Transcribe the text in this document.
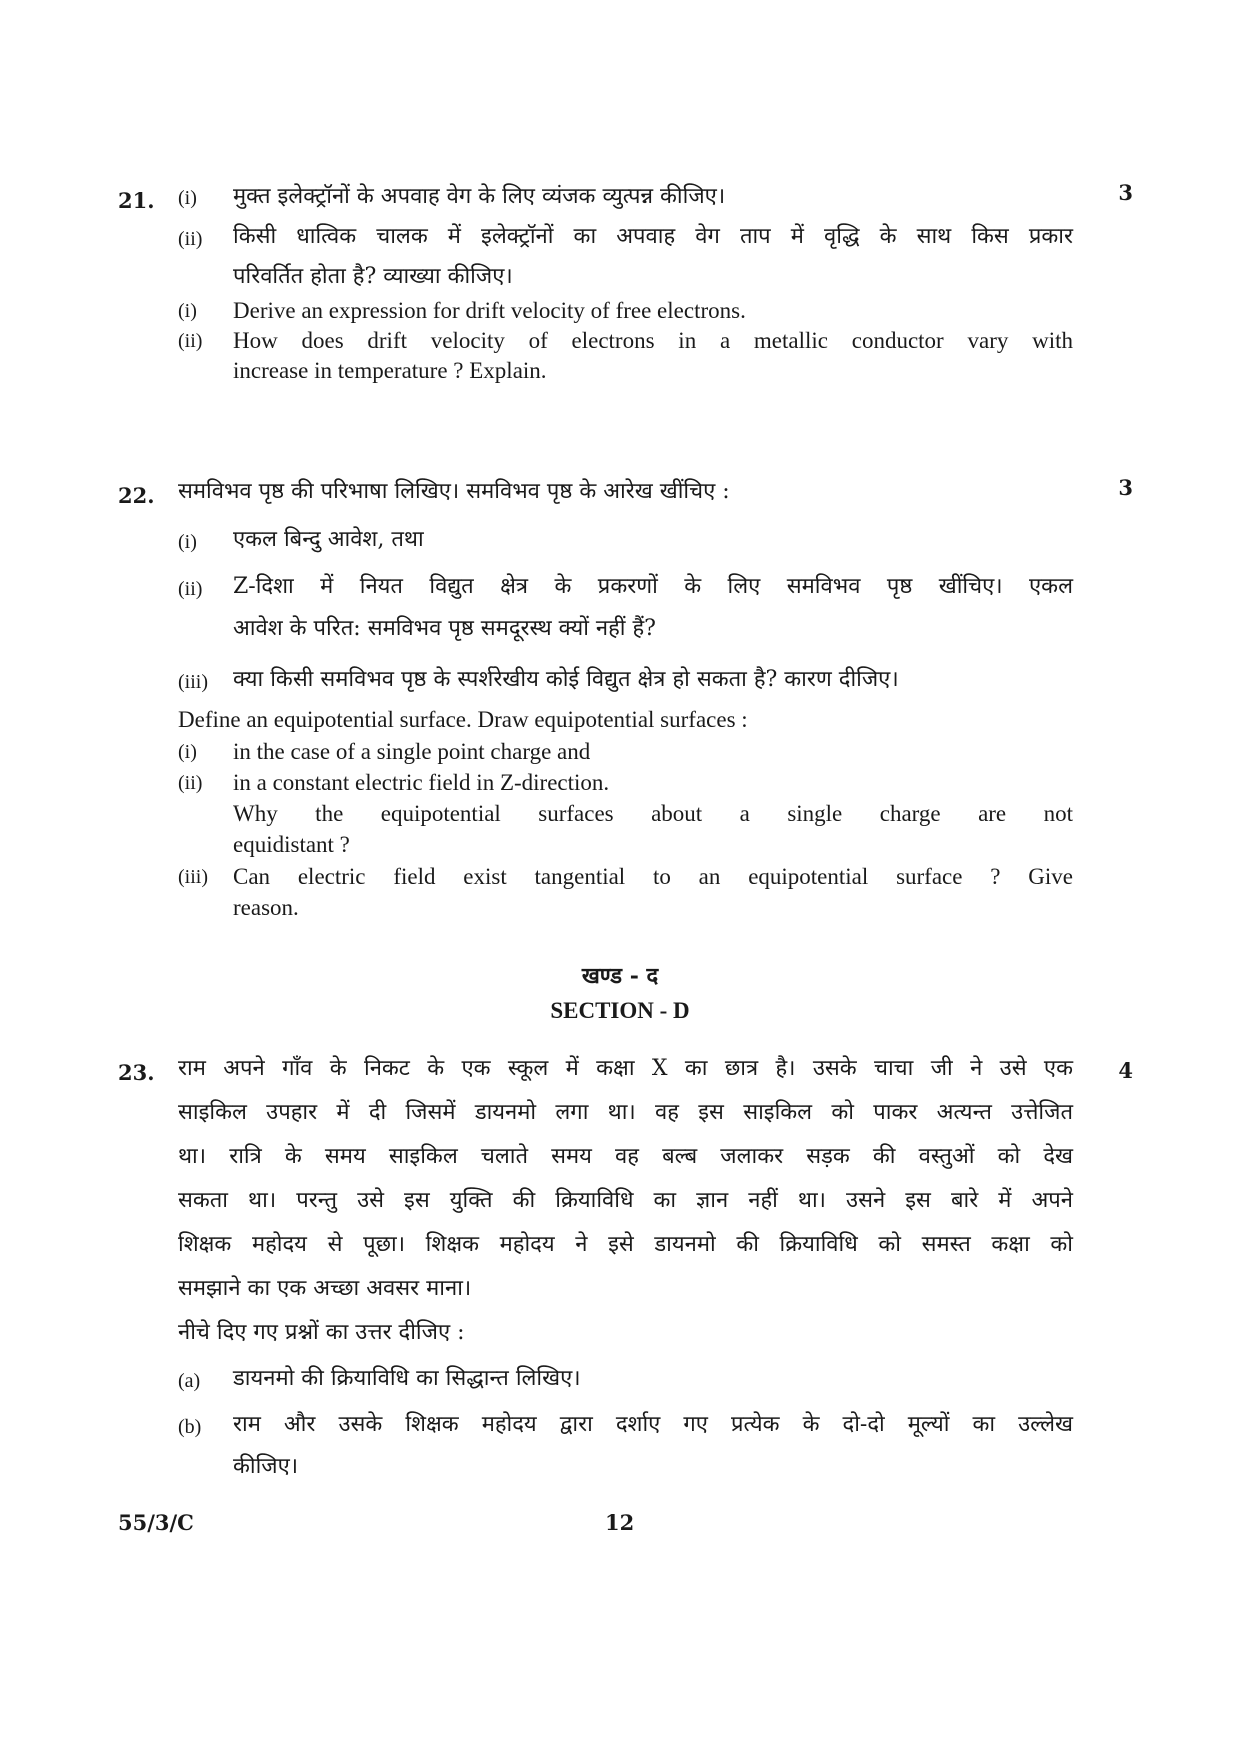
21.	3
(i)	मुक्त इलेक्ट्रॉनों के अपवाह वेग के लिए व्यंजक व्युत्पन्न कीजिए।
(ii)	किसी धात्विक चालक में इलेक्ट्रॉनों का अपवाह वेग ताप में वृद्धि के साथ किस प्रकार
परिवर्तित होता है? व्याख्या कीजिए।
(i)	Derive an expression for drift velocity of free electrons.
(ii)	How does drift velocity of electrons in a metallic conductor vary with
increase in temperature ? Explain.
22.	3
समविभव पृष्ठ की परिभाषा लिखिए। समविभव पृष्ठ के आरेख खींचिए :
(i)	एकल बिन्दु आवेश, तथा
(ii)	Z-दिशा में नियत विद्युत क्षेत्र के प्रकरणों के लिए समविभव पृष्ठ खींचिए। एकल
आवेश के परित: समविभव पृष्ठ समदूरस्थ क्यों नहीं हैं?
(iii)	क्या किसी समविभव पृष्ठ के स्पर्शरेखीय कोई विद्युत क्षेत्र हो सकता है? कारण दीजिए।
Define an equipotential surface. Draw equipotential surfaces :
(i)	in the case of a single point charge and
(ii)	in a constant electric field in Z-direction.
Why the equipotential surfaces about a single charge are not
equidistant ?
(iii)	Can electric field exist tangential to an equipotential surface ? Give
reason.
खण्ड - द
SECTION - D
23.	4
राम अपने गाँव के निकट के एक स्कूल में कक्षा X का छात्र है। उसके चाचा जी ने उसे एक
साइकिल उपहार में दी जिसमें डायनमो लगा था। वह इस साइकिल को पाकर अत्यन्त उत्तेजित
था। रात्रि के समय साइकिल चलाते समय वह बल्ब जलाकर सड़क की वस्तुओं को देख
सकता था। परन्तु उसे इस युक्ति की क्रियाविधि का ज्ञान नहीं था। उसने इस बारे में अपने
शिक्षक महोदय से पूछा। शिक्षक महोदय ने इसे डायनमो की क्रियाविधि को समस्त कक्षा को
समझाने का एक अच्छा अवसर माना।
नीचे दिए गए प्रश्नों का उत्तर दीजिए :
(a)	डायनमो की क्रियाविधि का सिद्धान्त लिखिए।
(b)	राम और उसके शिक्षक महोदय द्वारा दर्शाए गए प्रत्येक के दो-दो मूल्यों का उल्लेख
कीजिए।
55/3/C	12
